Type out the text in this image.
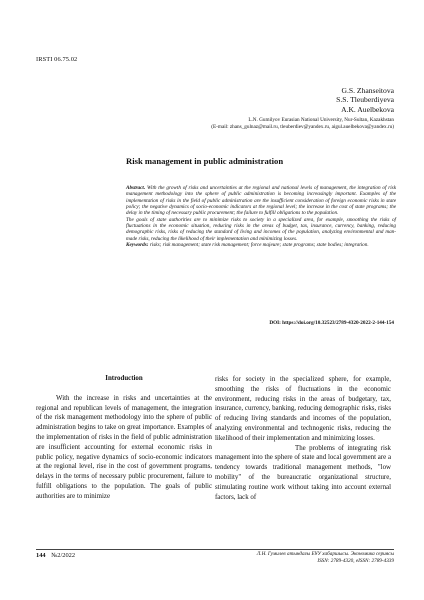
IRSTI 06.75.02
G.S. Zhansеitova
S.S. Tleuberdiyeva
A.K. Auelbekova
L.N. Gumilyov Eurasian National University, Nur-Sultan, Kazakhstan
(E-mail: zhans_gulnaz@mail.ru, tleuberdiev@yandex.ru, aigul.auelbekova@yandex.ru)
Risk management in public administration

Abstract. With the growth of risks and uncertainties at the regional and national levels of management, the integration of risk management methodology into the sphere of public administration is becoming increasingly important. Examples of the implementation of risks in the field of public administration are the insufficient consideration of foreign economic risks in state policy; the negative dynamics of socio-economic indicators at the regional level; the increase in the cost of state programs; the delay in the timing of necessary public procurement; the failure to fulfill obligations to the population.

The goals of state authorities are to minimize risks to society in a specialized area, for example, smoothing the risks of fluctuations in the economic situation, reducing risks in the areas of budget, tax, insurance, currency, banking, reducing demographic risks, risks of reducing the standard of living and incomes of the population, analyzing environmental and man-made risks, reducing the likelihood of their implementation and minimizing losses.

Keywords: risks; risk management; state risk management; force majeure; state programs; state bodies; integration.

DOI: https://doi.org/10.32523/2789-4320-2022-2-144-154
Introduction

With the increase in risks and uncertainties at the regional and republican levels of management, the integration of the risk management methodology into the sphere of public administration begins to take on great importance. Examples of the implementation of risks in the field of public administration are insufficient accounting for external economic risks in public policy, negative dynamics of socio-economic indicators at the regional level, rise in the cost of government programs, delays in the terms of necessary public procurement, failure to fulfill obligations to the population. The goals of public authorities are to minimize

risks for society in the specialized sphere, for example, smoothing the risks of fluctuations in the economic environment, reducing risks in the areas of budgetary, tax, insurance, currency, banking, reducing demographic risks, risks of reducing living standards and incomes of the population, analyzing environmental and technogenic risks, reducing the likelihood of their implementation and minimizing losses.

The problems of integrating risk management into the sphere of state and local government are a tendency towards traditional management methods, "low mobility" of the bureaucratic organizational structure, stimulating routine work without taking into account external factors, lack of

144 №2/2022	Л.Н. Гумилев атындағы ЕҰУ хабаршысы. Экономика сериясы
ISSN: 2789-4320, eISSN: 2789-4339
